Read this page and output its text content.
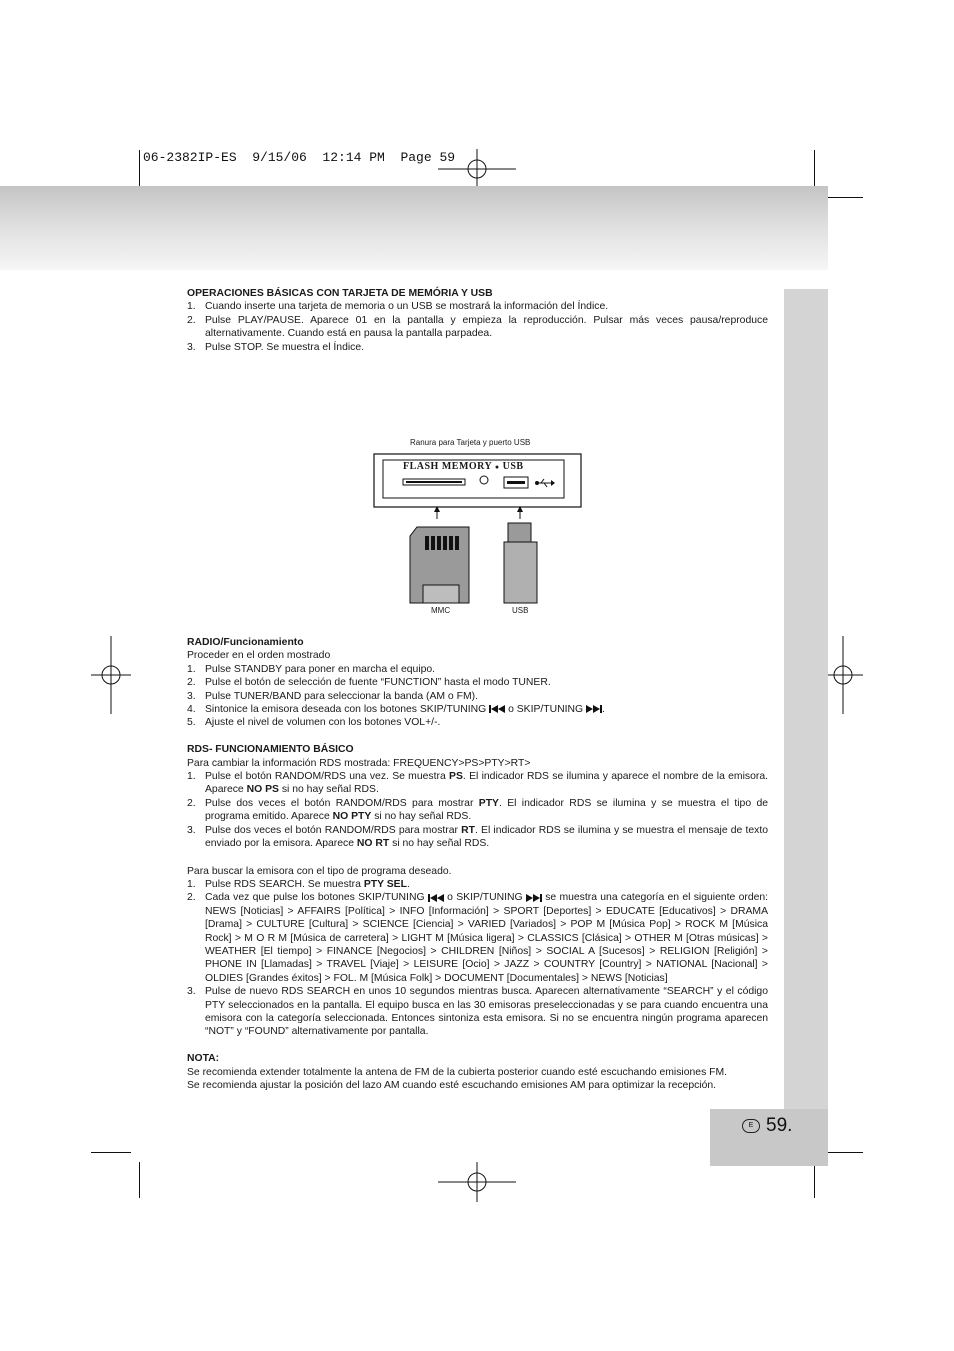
06-2382IP-ES  9/15/06  12:14 PM  Page 59
E 59.

OPERACIONES BÁSICAS CON TARJETA DE MEMÓRIA Y USB

1. Cuando inserte una tarjeta de memoria o un USB se mostrará la información del Índice.
2. Pulse PLAY/PAUSE. Aparece 01 en la pantalla y empieza la reproducción. Pulsar más veces pausa/reproduce alternativamente. Cuando está en pausa la pantalla parpadea.
3. Pulse STOP. Se muestra el Índice.
Ranura para Tarjeta y puerto USB
FLASH MEMORY ● USB
MMC	USB

RADIO/Funcionamiento

Proceder en el orden mostrado

1. Pulse STANDBY para poner en marcha el equipo.
2. Pulse el botón de selección de fuente “FUNCTION” hasta el modo TUNER.
3. Pulse TUNER/BAND para seleccionar la banda (AM o FM).
4. Sintonice la emisora deseada con los botones SKIP/TUNING o SKIP/TUNING .
5. Ajuste el nivel de volumen con los botones VOL+/-.

RDS- FUNCIONAMIENTO BÁSICO

Para cambiar la información RDS mostrada: FREQUENCY>PS>PTY>RT>

1. Pulse el botón RANDOM/RDS una vez. Se muestra PS. El indicador RDS se ilumina y aparece el nombre de la emisora. Aparece NO PS si no hay señal RDS.
2. Pulse dos veces el botón RANDOM/RDS para mostrar PTY. El indicador RDS se ilumina y se muestra el tipo de programa emitido. Aparece NO PTY si no hay señal RDS.
3. Pulse dos veces el botón RANDOM/RDS para mostrar RT. El indicador RDS se ilumina y se muestra el mensaje de texto enviado por la emisora. Aparece NO RT si no hay señal RDS.

Para buscar la emisora con el tipo de programa deseado.

1. Pulse RDS SEARCH. Se muestra PTY SEL.
2. Cada vez que pulse los botones SKIP/TUNING o SKIP/TUNING se muestra una categoría en el siguiente orden: NEWS [Noticias] > AFFAIRS [Política] > INFO [Información] > SPORT [Deportes] > EDUCATE [Educativos] > DRAMA [Drama] > CULTURE [Cultura] > SCIENCE [Ciencia] > VARIED [Variados] > POP M [Música Pop] > ROCK M [Música Rock] > M O R M [Música de carretera] > LIGHT M [Música ligera] > CLASSICS [Clásica] > OTHER M [Otras músicas] > WEATHER [El tiempo] > FINANCE [Negocios] > CHILDREN [Niños] > SOCIAL A [Sucesos] > RELIGION [Religión] > PHONE IN [Llamadas] > TRAVEL [Viaje] > LEISURE [Ocio] > JAZZ > COUNTRY [Country] > NATIONAL [Nacional] > OLDIES [Grandes éxitos] > FOL. M [Música Folk] > DOCUMENT [Documentales] > NEWS [Noticias]
3. Pulse de nuevo RDS SEARCH en unos 10 segundos mientras busca. Aparecen alternativamente “SEARCH” y el código PTY seleccionados en la pantalla. El equipo busca en las 30 emisoras preseleccionadas y se para cuando encuentra una emisora con la categoría seleccionada. Entonces sintoniza esta emisora. Si no se encuentra ningún programa aparecen “NOT” y “FOUND” alternativamente por pantalla.

NOTA:

Se recomienda extender totalmente la antena de FM de la cubierta posterior cuando esté escuchando emisiones FM.

Se recomienda ajustar la posición del lazo AM cuando esté escuchando emisiones AM para optimizar la recepción.
